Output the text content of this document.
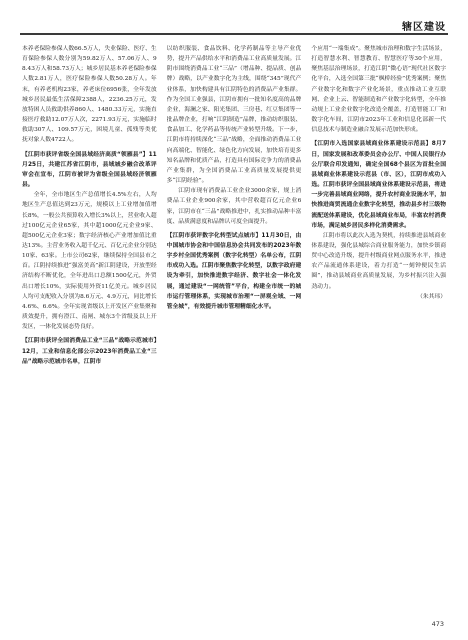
辖区建设

本养老保险参保人数66.5万人，失业保险、医疗、生育保险参保人数分别为59.82万人、57.06万人、98.43万人和58.73万人；城乡居民基本养老保险参保人数2.81万人，医疗保险参保人数50.28万人。年末，有养老机构23家，养老床位6956张，全年发放城乡居民最低生活保障2388人，2236.25万元，发放特困人员救助供养860人、1480.33万元，实施直接医疗救助12.07万人次，2271.93万元，实施临时救助307人、109.57万元，困境儿童、孤残等类优抚对象人数4722人。

【江阴市获评省级全国县域经济高质“领雁县”】11月25日，共建江苏省江阴市，县域城乡融合改革评审会在宣布，江阴市被评为省级全国县域经济领雁县。

全年，全市地区生产总值增长4.5%左右，人均地区生产总值达到23万元，规模以上工业增加值增长8%，一般公共预算收入增长3%以上，营业收入超过100亿元企业65家，其中超1000亿元企业9家、超500亿元企业3家；数字经济核心产业增加值比重达13%。主营业务收入超千亿元、百亿元企业分别达10家、63家。上市公司62家，继续保持全国县市之首。江阴持续推进“强富美高”新江阴建设，开放型经济结构不断优化，全年进出口总额1500亿元，外贸出口增长10%，实际使用外资11亿美元。城乡居民人均可支配收入分别为8.6万元、4.9万元，同比增长4.6%、6.6%。全年实现省级以上开发区产业集聚和质效提升，拥有澄江、南闸、城东3个省级及以上开发区，一体化发展态势良好。

【江阴市获评全国消费品工业“三品”战略示范城市】12月，工业和信息化部公示2023年消费品工业“三品”战略示范城市名单，江阴市

以纺织服装、食品饮料、化学药制品等主导产业优势，提升产品供给水平和消费品工业高质量发展。江阴市围绕消费品工业“三品”（增品种、提品质、创品牌）战略，以产业数字化为主线，围绕“345”现代产业体系，加快构建具有江阴特色的消费品产业集群。作为全国工业强县，江阴市拥有一批知名度高的品牌企业，海澜之家、阳光集团、三房巷、红豆集团等一批品牌企业，打响“江阴制造”品牌，推动纺织服装、食品加工、化学药品等传统产业转型升级。下一步，江阴市将持续深化“三品”战略，全面推动消费品工业向高端化、智能化、绿色化方向发展，加快培育更多知名品牌和优质产品，打造具有国际竞争力的消费品产业集群，为全国消费品工业高质量发展提供更多“江阴经验”。

江阴市现有消费品工业企业3000余家，规上消费品工业企业900余家，其中营收超百亿元企业6家，江阴市在“三品”战略推进中，扎实推动品种丰富度、品质满意度和品牌认可度全面提升。

【江阴市获评数字化转型试点城市】11月30日，由中国城市协会和中国信息协会共同发布的2023年数字乡村全国优秀案例（数字化转型）名单公布，江阴市成功入选。江阴市聚焦数字化转型，以数字政府建设为牵引，加快推进数字经济、数字社会一体化发展，通过建设“一网统管”平台，构建全市统一的城市运行管理体系，实现城市治理“一屏观全域、一网管全城”，有效提升城市管理精细化水平。

个应用“一端集成”。聚焦城市治理和数字生活场景，打造智慧水利、智慧教育、智慧医疗等30个应用，聚焦基层治理场景，打造江阴“微心语”现代社区数字化平台，入选全国第三批“枫桥经验”优秀案例；聚焦产业数字化和数字产业化场景，重点推动工业互联网、企业上云、智能制造和产业数字化转型，全年推动规上工业企业数字化改造全覆盖，打造智能工厂和数字化车间，江阴市2023年工业和信息化部新一代信息技术与制造业融合发展示范加快形成。

【江阴市入选国家县域商业体系建设示范县】8月7日，国家发展和改革委员会办公厅、中国人民银行办公厅联合印发通知，确定全国68个县区为首批全国县域商业体系建设示范县（市、区），江阴市成功入选。江阴市获评全国县域商业体系建设示范县，将进一步完善县域商业网络，提升农村商业设施水平，加快推进商贸流通企业数字化转型，推动县乡村三级物流配送体系建设，优化县域商业布局，丰富农村消费市场，满足城乡居民多样化消费需求。

江阴市将以此次入选为契机，持续推进县域商业体系建设，强化县城综合商业服务能力，加快乡镇商贸中心改造升级，提升村级商业网点服务水平，推进农产品流通体系建设，着力打造“一刻钟便民生活圈”，推动县域商业高质量发展，为乡村振兴注入强劲动力。

（朱其玮）
473
